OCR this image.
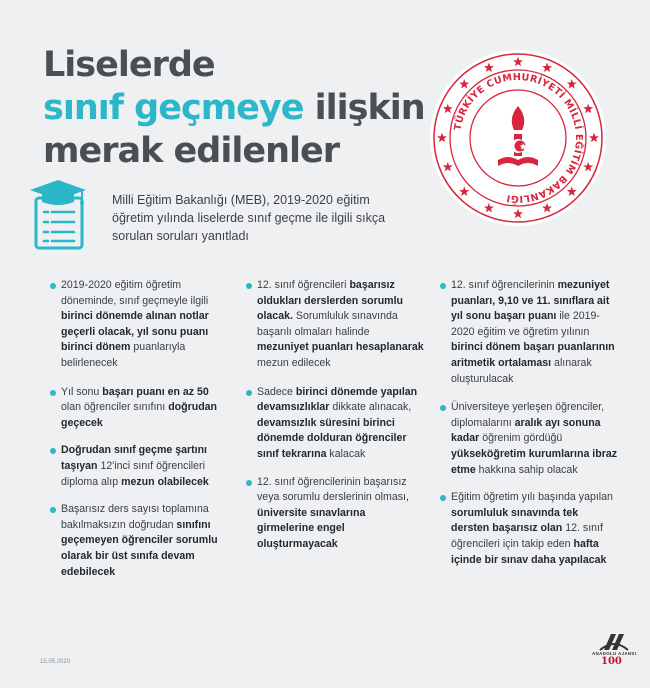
Liselerde
sınıf geçmeye ilişkin
merak edilenler
TÜRKİYE CUMHURİYETİ MİLLİ EĞİTİM BAKANLIĞI
Milli Eğitim Bakanlığı (MEB), 2019-2020 eğitim öğretim yılında liselerde sınıf geçme ile ilgili sıkça sorulan soruları yanıtladı
2019-2020 eğitim öğretim döneminde, sınıf geçmeyle ilgili birinci dönemde alınan notlar geçerli olacak, yıl sonu puanı birinci dönem puanlarıyla belirlenecek
Yıl sonu başarı puanı en az 50 olan öğrenciler sınıfını doğrudan geçecek
Doğrudan sınıf geçme şartını taşıyan 12'inci sınıf öğrencileri diploma alıp mezun olabilecek
Başarısız ders sayısı toplamına bakılmaksızın doğrudan sınıfını geçemeyen öğrenciler sorumlu olarak bir üst sınıfa devam edebilecek
12. sınıf öğrencileri başarısız oldukları derslerden sorumlu olacak. Sorumluluk sınavında başarılı olmaları halinde mezuniyet puanları hesaplanarak mezun edilecek
Sadece birinci dönemde yapılan devamsızlıklar dikkate alınacak, devamsızlık süresini birinci dönemde dolduran öğrenciler sınıf tekrarına kalacak
12. sınıf öğrencilerinin başarısız veya sorumlu derslerinin olması, üniversite sınavlarına girmelerine engel oluşturmayacak
12. sınıf öğrencilerinin mezuniyet puanları, 9,10 ve 11. sınıflara ait yıl sonu başarı puanı ile 2019-2020 eğitim ve öğretim yılının birinci dönem başarı puanlarının aritmetik ortalaması alınarak oluşturulacak
Üniversiteye yerleşen öğrenciler, diplomalarını aralık ayı sonuna kadar öğrenim gördüğü yükseköğretim kurumlarına ibraz etme hakkına sahip olacak
Eğitim öğretim yılı başında yapılan sorumluluk sınavında tek dersten başarısız olan 12. sınıf öğrencileri için takip eden hafta içinde bir sınav daha yapılacak
15.05.2020
ANADOLU AJANSI
100
